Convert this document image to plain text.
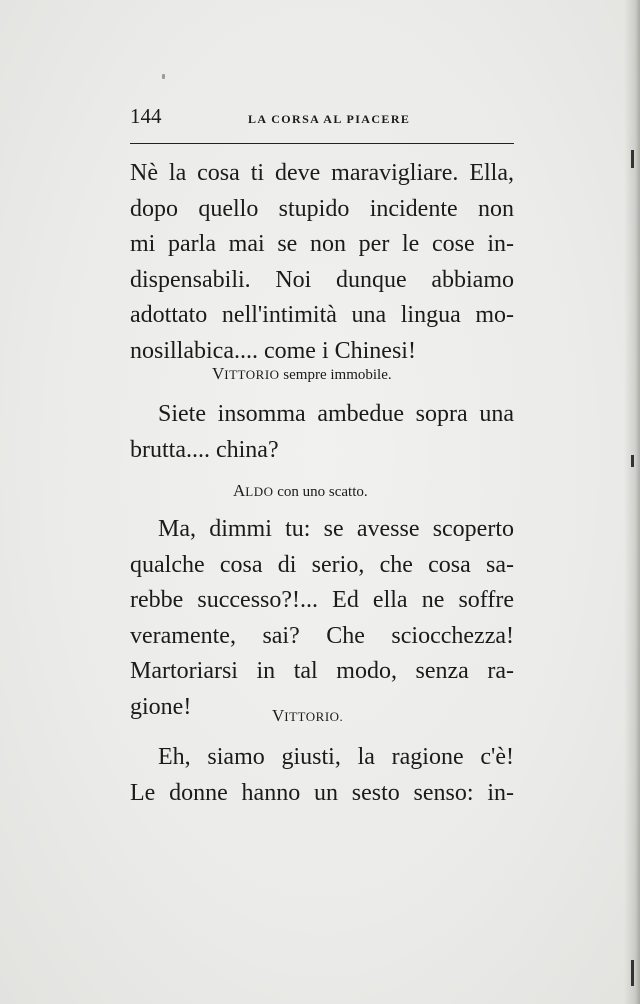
144	LA CORSA AL PIACERE
Nè la cosa ti deve maravigliare. Ella,
dopo quello stupido incidente non
mi parla mai se non per le cose in-
dispensabili. Noi dunque abbiamo
adottato nell'intimità una lingua mo-
nosillabica.... come i Chinesi!
VITTORIO sempre immobile.
Siete insomma ambedue sopra una
brutta.... china?
ALDO con uno scatto.
Ma, dimmi tu: se avesse scoperto
qualche cosa di serio, che cosa sa-
rebbe successo?!... Ed ella ne soffre
veramente, sai? Che sciocchezza!
Martoriarsi in tal modo, senza ra-
gione!	VITTORIO.
Eh, siamo giusti, la ragione c'è!
Le donne hanno un sesto senso: in-
